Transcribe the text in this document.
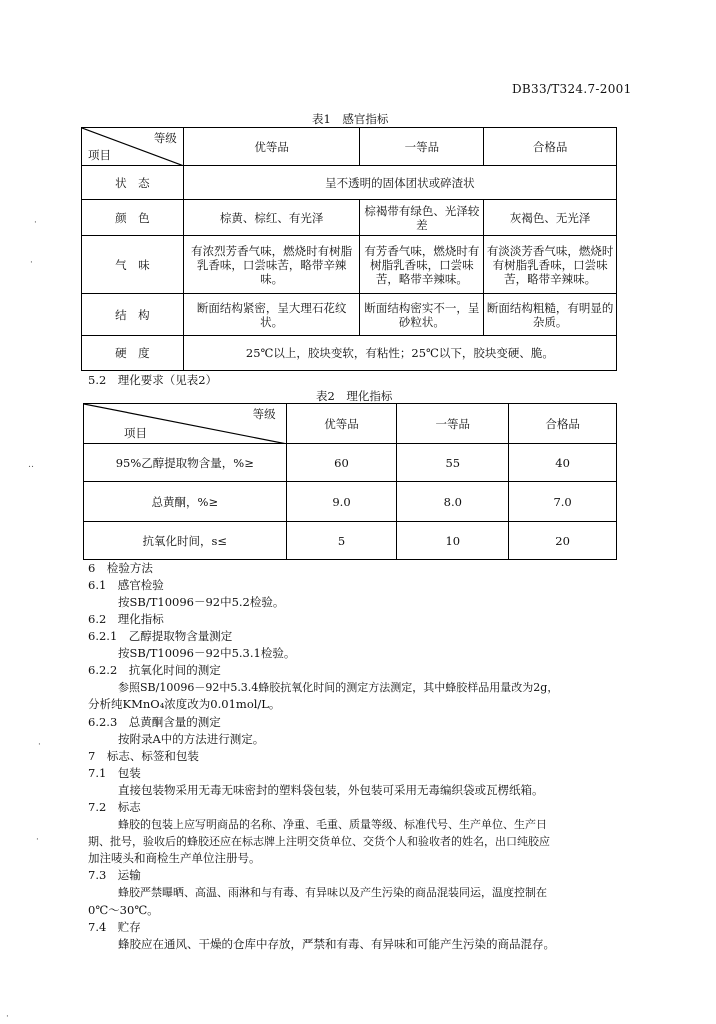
DB33/T324.7-2001
表1　感官指标
等级
项目	优等品	一等品	合格品
状　态	呈不透明的固体团状或碎渣状		
颜　色	棕黄、棕红、有光泽	棕褐带有绿色、光泽较差	灰褐色、无光泽
气　味	有浓烈芳香气味，燃烧时有树脂乳香味，口尝味苦，略带辛辣味。	有芳香气味，燃烧时有树脂乳香味，口尝味苦，略带辛辣味。	有淡淡芳香气味，燃烧时有树脂乳香味，口尝味苦，略带辛辣味。
结　构	断面结构紧密，呈大理石花纹状。	断面结构密实不一，呈砂粒状。	断面结构粗糙，有明显的杂质。
硬　度	25℃以上，胶块变软，有粘性；25℃以下，胶块变硬、脆。		
5.2　理化要求（见表2）
表2　理化指标
等级
项目	优等品	一等品	合格品
95%乙醇提取物含量，%≥	60	55	40
总黄酮，%≥	9.0	8.0	7.0
抗氧化时间，s≤	5	10	20
6　检验方法
6.1　感官检验
按SB/T10096－92中5.2检验。
6.2　理化指标
6.2.1　乙醇提取物含量测定
按SB/T10096－92中5.3.1检验。
6.2.2　抗氧化时间的测定
参照SB/10096－92中5.3.4蜂胶抗氧化时间的测定方法测定，其中蜂胶样品用量改为2g，
分析纯KMnO₄浓度改为0.01mol/L。
6.2.3　总黄酮含量的测定
按附录A中的方法进行测定。
7　标志、标签和包装
7.1　包装
直接包装物采用无毒无味密封的塑料袋包装，外包装可采用无毒编织袋或瓦楞纸箱。
7.2　标志
蜂胶的包装上应写明商品的名称、净重、毛重、质量等级、标准代号、生产单位、生产日
期、批号，验收后的蜂胶还应在标志牌上注明交货单位、交货个人和验收者的姓名，出口纯胶应
加注唛头和商检生产单位注册号。
7.3　运输
蜂胶严禁曝晒、高温、雨淋和与有毒、有异味以及产生污染的商品混装同运，温度控制在
0℃～30℃。
7.4　贮存
蜂胶应在通风、干燥的仓库中存放，严禁和有毒、有异味和可能产生污染的商品混存。
·
·
‥
·
·
·
